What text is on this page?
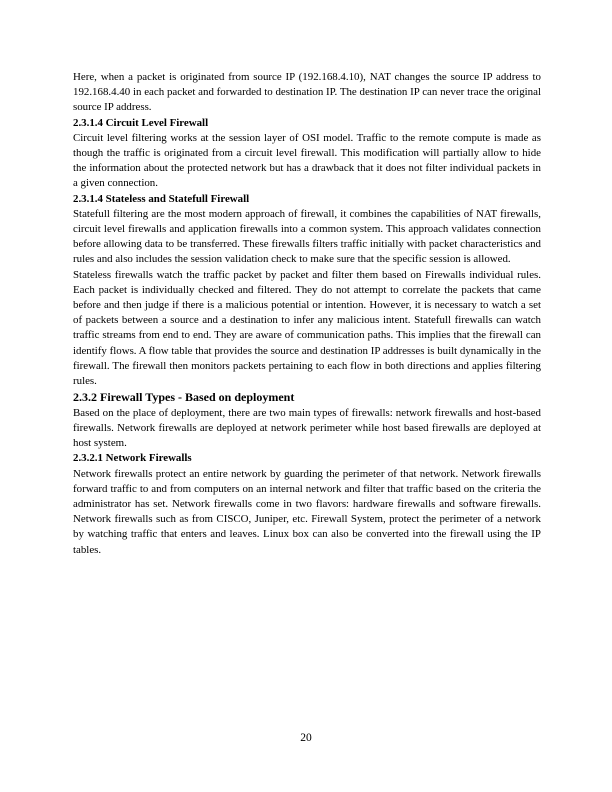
Here, when a packet is originated from source IP (192.168.4.10), NAT changes the source IP address to 192.168.4.40 in each packet and forwarded to destination IP. The destination IP can never trace the original source IP address.

2.3.1.4 Circuit Level Firewall

Circuit level filtering works at the session layer of OSI model. Traffic to the remote compute is made as though the traffic is originated from a circuit level firewall. This modification will partially allow to hide the information about the protected network but has a drawback that it does not filter individual packets in a given connection.

2.3.1.4 Stateless and Statefull Firewall

Statefull filtering are the most modern approach of firewall, it combines the capabilities of NAT firewalls, circuit level firewalls and application firewalls into a common system. This approach validates connection before allowing data to be transferred. These firewalls filters traffic initially with packet characteristics and rules and also includes the session validation check to make sure that the specific session is allowed.

Stateless firewalls watch the traffic packet by packet and filter them based on Firewalls individual rules. Each packet is individually checked and filtered. They do not attempt to correlate the packets that came before and then judge if there is a malicious potential or intention. However, it is necessary to watch a set of packets between a source and a destination to infer any malicious intent. Statefull firewalls can watch traffic streams from end to end. They are aware of communication paths. This implies that the firewall can identify flows. A flow table that provides the source and destination IP addresses is built dynamically in the firewall. The firewall then monitors packets pertaining to each flow in both directions and applies filtering rules.

2.3.2 Firewall Types - Based on deployment

Based on the place of deployment, there are two main types of firewalls: network firewalls and host-based firewalls. Network firewalls are deployed at network perimeter while host based firewalls are deployed at host system.

2.3.2.1 Network Firewalls

Network firewalls protect an entire network by guarding the perimeter of that network. Network firewalls forward traffic to and from computers on an internal network and filter that traffic based on the criteria the administrator has set. Network firewalls come in two flavors: hardware firewalls and software firewalls. Network firewalls such as from CISCO, Juniper, etc. Firewall System, protect the perimeter of a network by watching traffic that enters and leaves. Linux box can also be converted into the firewall using the IP tables.

20
